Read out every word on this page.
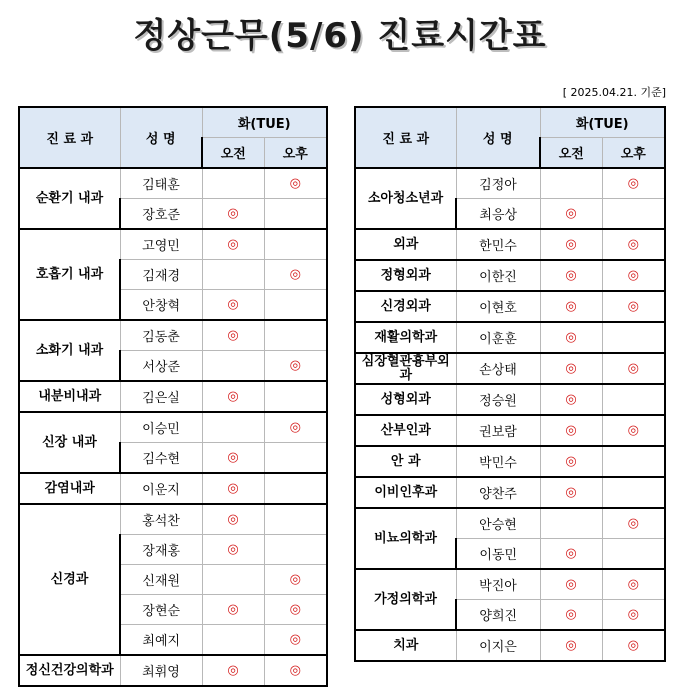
정상근무(5/6) 진료시간표
[ 2025.04.21. 기준]
진 료 과	성 명	화(TUE)	
		오전	오후
순환기 내과	김태훈		◎
	장호준	◎	
호흡기 내과	고영민	◎	
	김재경		◎
	안창혁	◎	
소화기 내과	김동춘	◎	
	서상준		◎
내분비내과	김은실	◎	
신장 내과	이승민		◎
	김수현	◎	
감염내과	이운지	◎	
신경과	홍석찬	◎	
	장재홍	◎	
	신재원		◎
	장현순	◎	◎
	최예지		◎
정신건강의학과	최휘영	◎	◎
진 료 과	성 명	화(TUE)	
		오전	오후
소아청소년과	김정아		◎
	최응상	◎	
외과	한민수	◎	◎
정형외과	이한진	◎	◎
신경외과	이현호	◎	◎
재활의학과	이훈훈	◎	
심장혈관흉부외과	손상태	◎	◎
성형외과	정승원	◎	
산부인과	권보람	◎	◎
안 과	박민수	◎	
이비인후과	양찬주	◎	
비뇨의학과	안승현		◎
	이동민	◎	
가정의학과	박진아	◎	◎
	양희진	◎	◎
치과	이지은	◎	◎
